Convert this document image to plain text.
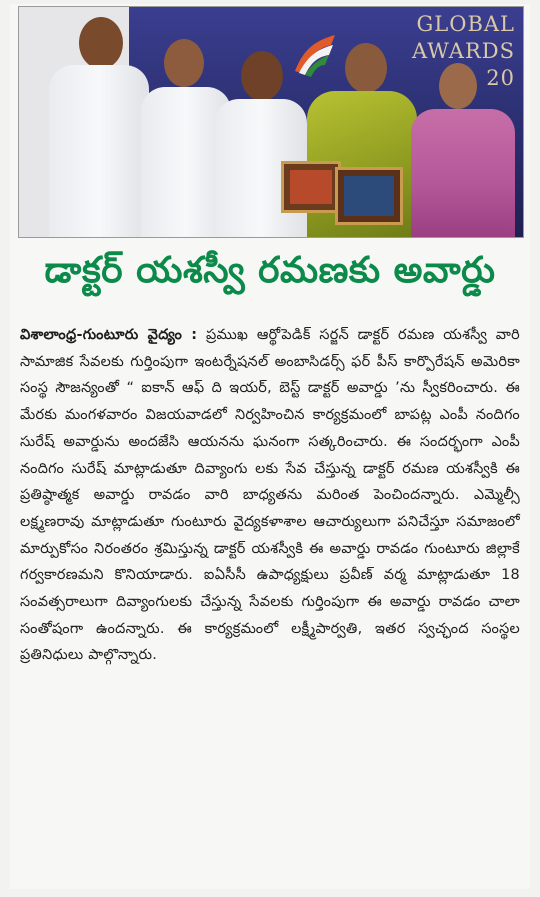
GLOBAL
AWARDS
20
డాక్టర్ యశస్వీ రమణకు అవార్డు
విశాలాంధ్ర-గుంటూరు వైద్యం : ప్రముఖ ఆర్థోపెడిక్ సర్జన్ డాక్టర్ రమణ యశస్వీ వారి సామాజిక సేవలకు గుర్తింపుగా ఇంటర్నేషనల్ అంబాసిడర్స్ ఫర్ పీస్ కార్పొరేషన్ అమెరికా సంస్థ సౌజన్యంతో “ ఐకాన్ ఆఫ్ ది ఇయర్, బెస్ట్ డాక్టర్ అవార్డు ’ను స్వీకరించారు. ఈ మేరకు మంగళవారం విజయవాడలో నిర్వహించిన కార్యక్రమంలో బాపట్ల ఎంపీ నందిగం సురేష్ అవార్డును అందజేసి ఆయనను ఘనంగా సత్కరించారు. ఈ సందర్భంగా ఎంపీ నందిగం సురేష్ మాట్లాడుతూ దివ్యాంగు లకు సేవ చేస్తున్న డాక్టర్ రమణ యశస్వీకి ఈ ప్రతిష్ఠాత్మక అవార్డు రావడం వారి బాధ్యతను మరింత పెంచిందన్నారు. ఎమ్మెల్సీ లక్ష్మణరావు మాట్లాడుతూ గుంటూరు వైద్యకళాశాల ఆచార్యులుగా పనిచేస్తూ సమాజంలో మార్పుకోసం నిరంతరం శ్రమిస్తున్న డాక్టర్ యశస్వీకి ఈ అవార్డు రావడం గుంటూరు జిల్లాకే గర్వకారణమని కొనియాడారు. ఐఏసీసీ ఉపాధ్యక్షులు ప్రవీణ్ వర్మ మాట్లాడుతూ 18 సంవత్సరాలుగా దివ్యాంగులకు చేస్తున్న సేవలకు గుర్తింపుగా ఈ అవార్డు రావడం చాలా సంతోషంగా ఉందన్నారు. ఈ కార్యక్రమంలో లక్ష్మీపార్వతి, ఇతర స్వచ్ఛంద సంస్థల ప్రతినిధులు పాల్గొన్నారు.
